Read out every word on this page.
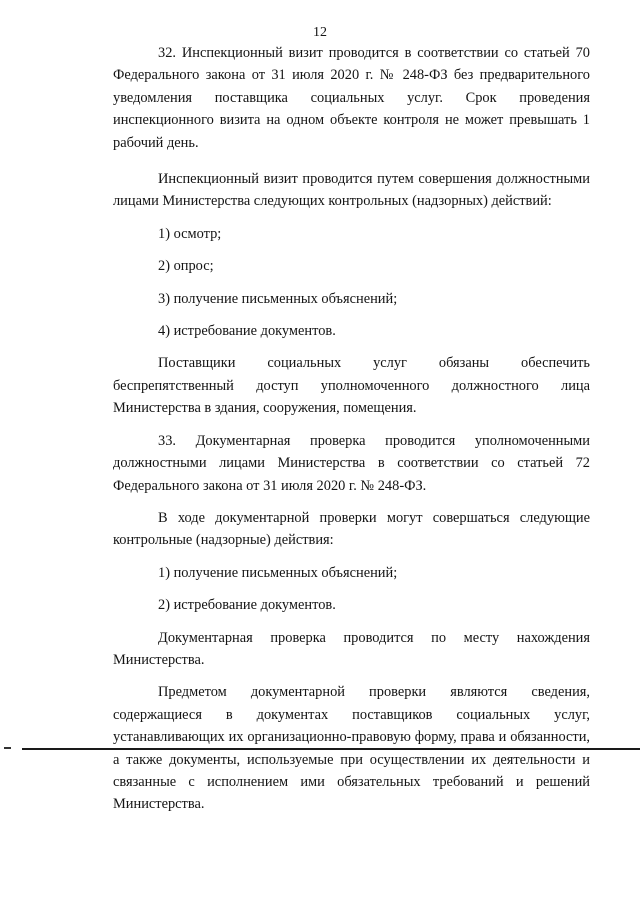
12

32. Инспекционный визит проводится в соответствии со статьей 70 Федерального закона от 31 июля 2020 г. № 248-ФЗ без предварительного уведомления поставщика социальных услуг. Срок проведения инспекционного визита на одном объекте контроля не может превышать 1 рабочий день.

Инспекционный визит проводится путем совершения должностными лицами Министерства следующих контрольных (надзорных) действий:

1) осмотр;

2) опрос;

3) получение письменных объяснений;

4) истребование документов.

Поставщики социальных услуг обязаны обеспечить беспрепятственный доступ уполномоченного должностного лица Министерства в здания, сооружения, помещения.

33. Документарная проверка проводится уполномоченными должностными лицами Министерства в соответствии со статьей 72 Федерального закона от 31 июля 2020 г. № 248-ФЗ.

В ходе документарной проверки могут совершаться следующие контрольные (надзорные) действия:

1) получение письменных объяснений;

2) истребование документов.

Документарная проверка проводится по месту нахождения Министерства.

Предметом документарной проверки являются сведения, содержащиеся в документах поставщиков социальных услуг, устанавливающих их организационно-правовую форму, права и обязанности, а также документы, используемые при осуществлении их деятельности и связанные с исполнением ими обязательных требований и решений Министерства.
